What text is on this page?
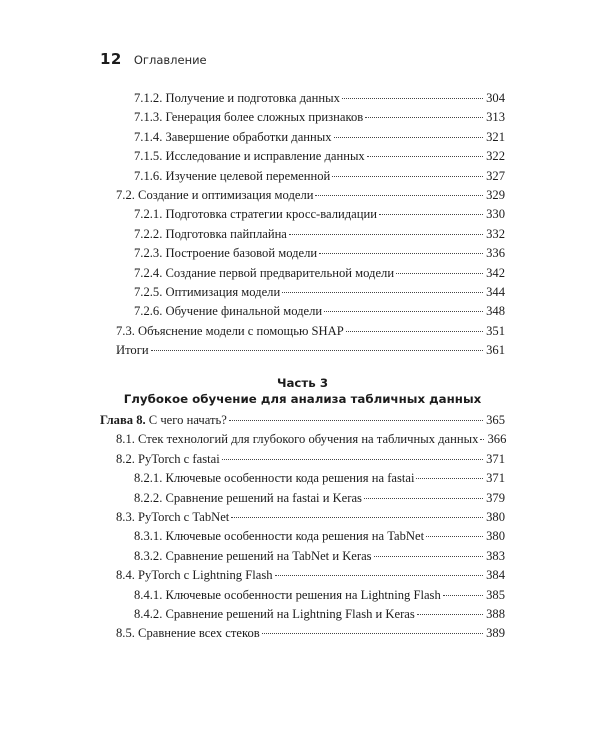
12 Оглавление
7.1.2. Получение и подготовка данных	304
7.1.3. Генерация более сложных признаков	313
7.1.4. Завершение обработки данных	321
7.1.5. Исследование и исправление данных	322
7.1.6. Изучение целевой переменной	327
7.2. Создание и оптимизация модели	329
7.2.1. Подготовка стратегии кросс-валидации	330
7.2.2. Подготовка пайплайна	332
7.2.3. Построение базовой модели	336
7.2.4. Создание первой предварительной модели	342
7.2.5. Оптимизация модели	344
7.2.6. Обучение финальной модели	348
7.3. Объяснение модели с помощью SHAP	351
Итоги	361
Часть 3
Глубокое обучение для анализа табличных данных
Глава 8. С чего начать?	365
8.1. Стек технологий для глубокого обучения на табличных данных 366
8.2. PyTorch с fastai	371
8.2.1. Ключевые особенности кода решения на fastai	371
8.2.2. Сравнение решений на fastai и Keras	379
8.3. PyTorch с TabNet	380
8.3.1. Ключевые особенности кода решения на TabNet	380
8.3.2. Сравнение решений на TabNet и Keras	383
8.4. PyTorch с Lightning Flash	384
8.4.1. Ключевые особенности решения на Lightning Flash	385
8.4.2. Сравнение решений на Lightning Flash и Keras	388
8.5. Сравнение всех стеков	389
